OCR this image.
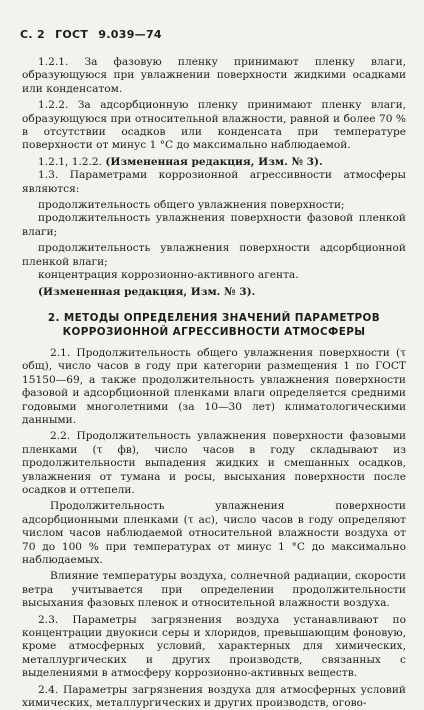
С. 2 ГОСТ 9.039—74

1.2.1. За фазовую пленку принимают пленку влаги, образующуюся при увлажнении поверхности жидкими осадками или конденсатом.

1.2.2. За адсорбционную пленку принимают пленку влаги, образующуюся при относительной влажности, равной и более 70 % в отсутствии осадков или конденсата при температуре поверхности от минус 1 °С до максимально наблюдаемой.

1.2.1, 1.2.2. (Измененная редакция, Изм. № 3).

1.3. Параметрами коррозионной агрессивности атмосферы являются:

продолжительность общего увлажнения поверхности;

продолжительность увлажнения поверхности фазовой пленкой влаги;

продолжительность увлажнения поверхности адсорбционной пленкой влаги;

концентрация коррозионно-активного агента.

(Измененная редакция, Изм. № 3).

2. МЕТОДЫ ОПРЕДЕЛЕНИЯ ЗНАЧЕНИЙ ПАРАМЕТРОВ КОРРОЗИОННОЙ АГРЕССИВНОСТИ АТМОСФЕРЫ

2.1. Продолжительность общего увлажнения поверхности (τ общ), число часов в году при категории размещения 1 по ГОСТ 15150—69, а также продолжительность увлажнения поверхности фазовой и адсорбционной пленками влаги определяется средними годовыми многолетними (за 10—30 лет) климатологическими данными.

2.2. Продолжительность увлажнения поверхности фазовыми пленками (τ фв), число часов в году складывают из продолжительности выпадения жидких и смешанных осадков, увлажнения от тумана и росы, высыхания поверхности после осадков и оттепели.

Продолжительность увлажнения поверхности адсорбционными пленками (τ ас), число часов в году определяют числом часов наблюдаемой относительной влажности воздуха от 70 до 100 % при температурах от минус 1 °С до максимально наблюдаемых.

Влияние температуры воздуха, солнечной радиации, скорости ветра учитывается при определении продолжительности высыхания фазовых пленок и относительной влажности воздуха.

2.3. Параметры загрязнения воздуха устанавливают по концентрации двуокиси серы и хлоридов, превышающим фоновую, кроме атмосферных условий, характерных для химических, металлургических и других производств, связанных с выделениями в атмосферу коррозионно-активных веществ.

2.4. Параметры загрязнения воздуха для атмосферных условий химических, металлургических и других производств, огово-
